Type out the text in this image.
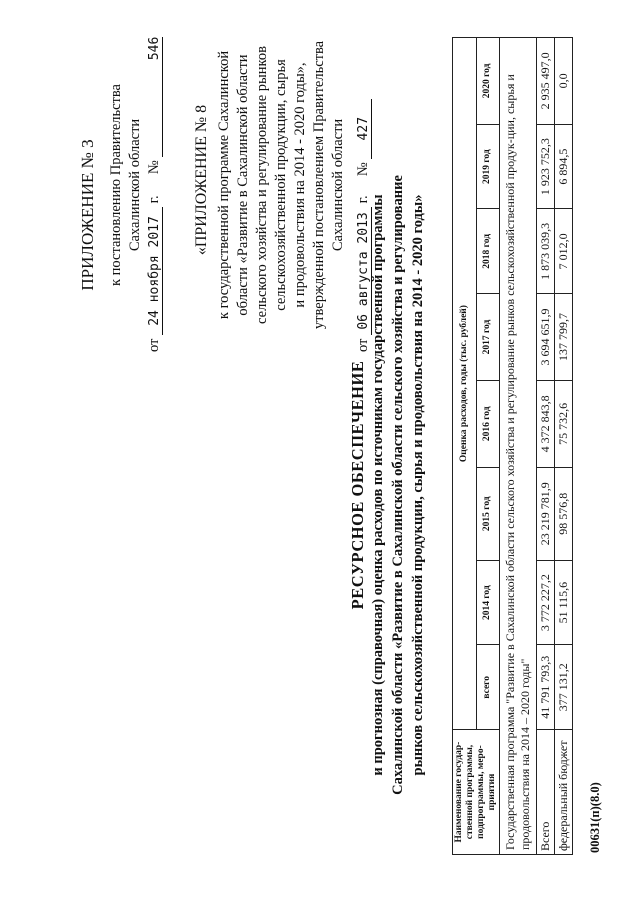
ПРИЛОЖЕНИЕ № 3 к постановлению Правительства Сахалинской области
от 24 ноября 2017 г.  № 546
«ПРИЛОЖЕНИЕ № 8 к государственной программе Сахалинской области «Развитие в Сахалинской области сельского хозяйства и регулирование рынков сельскохозяйственной продукции, сырья и продовольствия на 2014 - 2020 годы», утвержденной постановлением Правительства Сахалинской области
от 06 августа 2013 г.  № 427
РЕСУРСНОЕ ОБЕСПЕЧЕНИЕ и прогнозная (справочная) оценка расходов по источникам государственной программы Сахалинской области «Развитие в Сахалинской области сельского хозяйства и регулирование рынков сельскохозяйственной продукции, сырья и продовольствия на 2014 - 2020 годы»
Наименование государ-ственной программы, подпрограммы, меро-приятия	Оценка расходов, годы (тыс. рублей)							
	всего	2014 год	2015 год	2016 год	2017 год	2018 год	2019 год	2020 год
Государственная программа "Развитие в Сахалинской области сельского хозяйства и регулирование рынков сельскохозяйственной продук-ции, сырья и продовольствия на 2014 – 2020 годы"								
Всего	41 791 793,3	3 772 227,2	23 219 781,9	4 372 843,8	3 694 651,9	1 873 039,3	1 923 752,3	2 935 497,0
федеральный бюджет	377 131,2	51 115,6	98 576,8	75 732,6	137 799,7	7 012,0	6 894,5	0,0
00631(п)(8.0)
